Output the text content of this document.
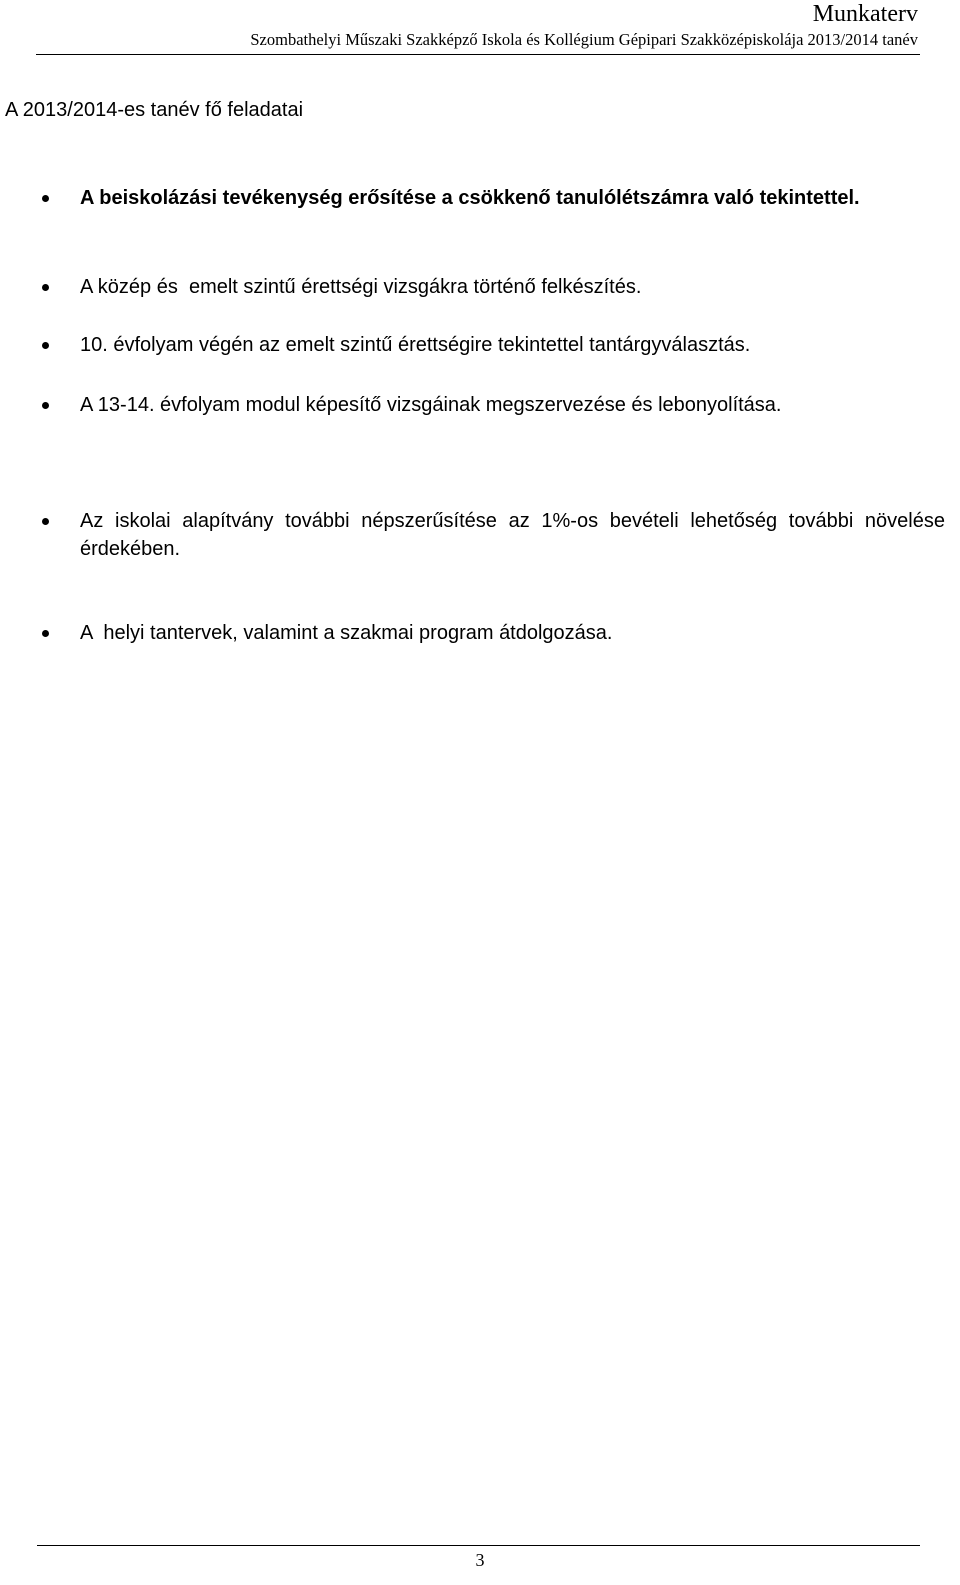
Munkaterv
Szombathelyi Műszaki Szakképző Iskola és Kollégium Gépipari Szakközépiskolája 2013/2014 tanév
A 2013/2014-es tanév fő feladatai
A beiskolázási tevékenység erősítése a csökkenő tanulólétszámra való tekintettel.
A közép és  emelt szintű érettségi vizsgákra történő felkészítés.
10. évfolyam végén az emelt szintű érettségire tekintettel tantárgyválasztás.
A 13-14. évfolyam modul képesítő vizsgáinak megszervezése és lebonyolítása.
Az iskolai alapítvány további népszerűsítése az 1%-os bevételi lehetőség további növelése érdekében.
A  helyi tantervek, valamint a szakmai program átdolgozása.
3
